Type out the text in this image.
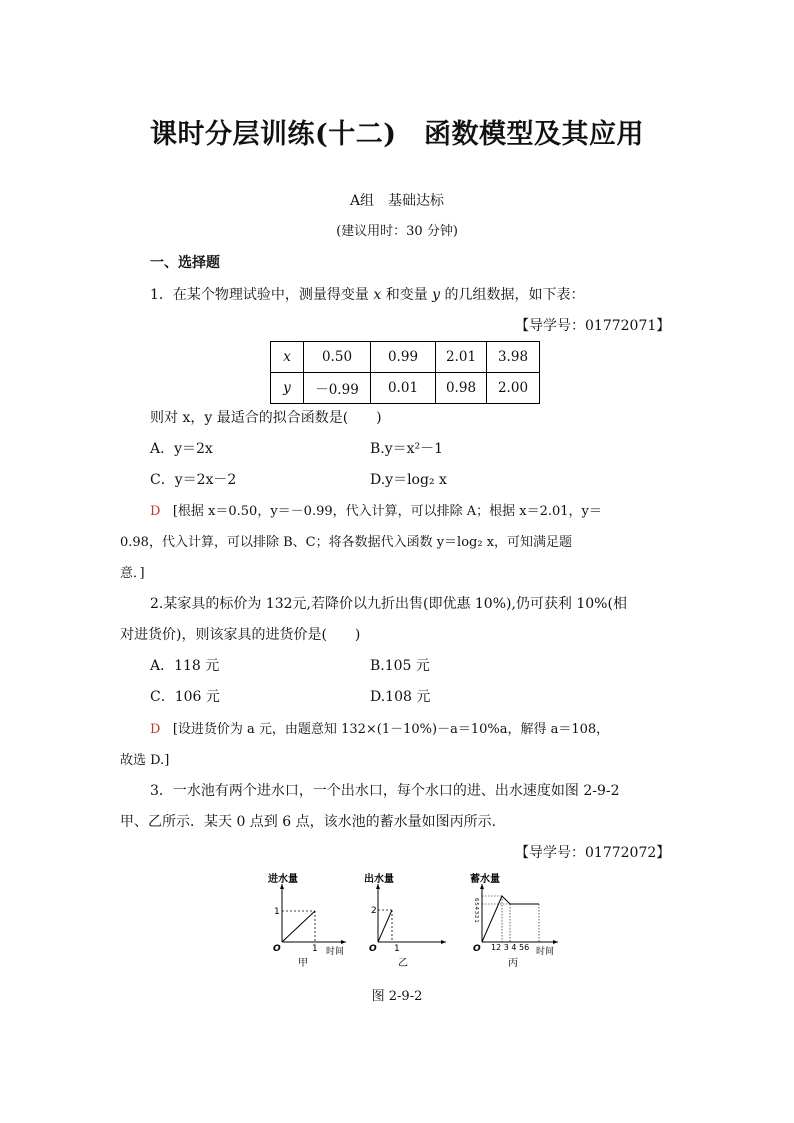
课时分层训练(十二)　函数模型及其应用
A组　基础达标
(建议用时：30 分钟)
一、选择题
1．在某个物理试验中，测量得变量 x 和变量 y 的几组数据，如下表：
【导学号：01772071】
x	0.50	0.99	2.01	3.98
y	－0.99	0.01	0.98	2.00
则对 x，y 最适合的拟合函数是(　　)
A．y＝2x	B.y＝x²－1
C．y＝2x－2	D.y＝log₂ x
D [根据 x＝0.50，y＝－0.99，代入计算，可以排除 A；根据 x＝2.01，y＝
0.98，代入计算，可以排除 B、C；将各数据代入函数 y＝log₂ x，可知满足题
意．]
2.某家具的标价为 132元,若降价以九折出售(即优惠 10%),仍可获利 10%(相
对进货价)，则该家具的进货价是(　　)
A．118 元	B.105 元
C．106 元	D.108 元
D [设进货价为 a 元，由题意知 132×(1－10%)－a＝10%a，解得 a＝108，
故选 D.]
3．一水池有两个进水口，一个出水口，每个水口的进、出水速度如图 2-9-2
甲、乙所示．某天 0 点到 6 点，该水池的蓄水量如图丙所示.
【导学号：01772072】
进水量
O
1
1 时间
甲
出水量
O
2
1
乙
蓄水量
O
6 5 4 3 2 1
12 3 4 56 时间
丙
图 2-9-2
